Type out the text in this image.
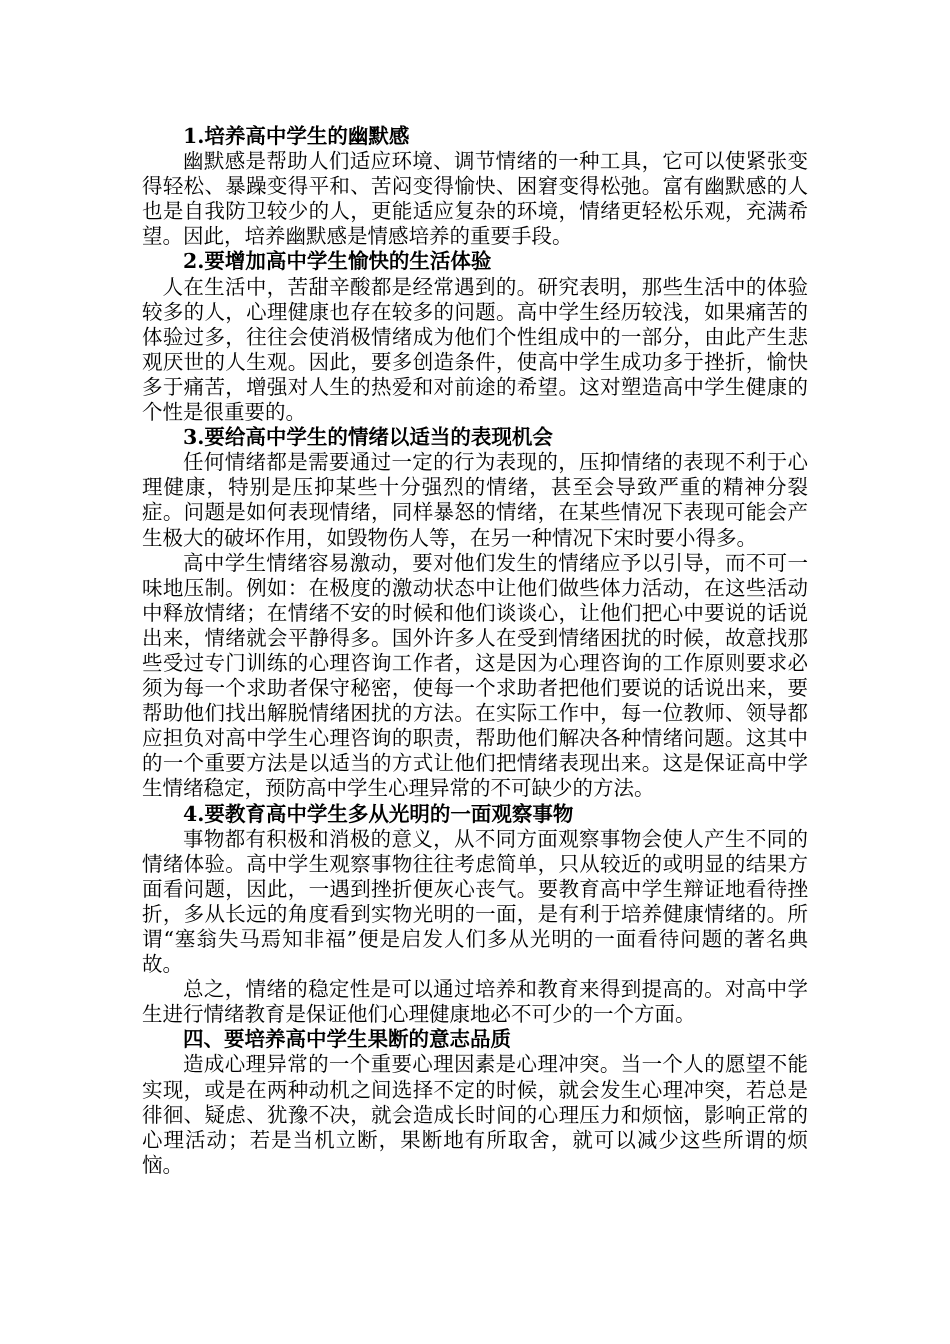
1.培养高中学生的幽默感

幽默感是帮助人们适应环境、调节情绪的一种工具，它可以使紧张变得轻松、暴躁变得平和、苦闷变得愉快、困窘变得松弛。富有幽默感的人也是自我防卫较少的人，更能适应复杂的环境，情绪更轻松乐观，充满希望。因此，培养幽默感是情感培养的重要手段。

2.要增加高中学生愉快的生活体验

人在生活中，苦甜辛酸都是经常遇到的。研究表明，那些生活中的体验较多的人，心理健康也存在较多的问题。高中学生经历较浅，如果痛苦的体验过多，往往会使消极情绪成为他们个性组成中的一部分，由此产生悲观厌世的人生观。因此，要多创造条件，使高中学生成功多于挫折，愉快多于痛苦，增强对人生的热爱和对前途的希望。这对塑造高中学生健康的个性是很重要的。

3.要给高中学生的情绪以适当的表现机会

任何情绪都是需要通过一定的行为表现的，压抑情绪的表现不利于心理健康，特别是压抑某些十分强烈的情绪，甚至会导致严重的精神分裂症。问题是如何表现情绪，同样暴怒的情绪，在某些情况下表现可能会产生极大的破坏作用，如毁物伤人等，在另一种情况下宋时要小得多。

高中学生情绪容易激动，要对他们发生的情绪应予以引导，而不可一味地压制。例如：在极度的激动状态中让他们做些体力活动，在这些活动中释放情绪；在情绪不安的时候和他们谈谈心，让他们把心中要说的话说出来，情绪就会平静得多。国外许多人在受到情绪困扰的时候，故意找那些受过专门训练的心理咨询工作者，这是因为心理咨询的工作原则要求必须为每一个求助者保守秘密，使每一个求助者把他们要说的话说出来，要帮助他们找出解脱情绪困扰的方法。在实际工作中，每一位教师、领导都应担负对高中学生心理咨询的职责，帮助他们解决各种情绪问题。这其中的一个重要方法是以适当的方式让他们把情绪表现出来。这是保证高中学生情绪稳定，预防高中学生心理异常的不可缺少的方法。

4.要教育高中学生多从光明的一面观察事物

事物都有积极和消极的意义，从不同方面观察事物会使人产生不同的情绪体验。高中学生观察事物往往考虑简单，只从较近的或明显的结果方面看问题，因此，一遇到挫折便灰心丧气。要教育高中学生辩证地看待挫折，多从长远的角度看到实物光明的一面，是有利于培养健康情绪的。所谓“塞翁失马焉知非福”便是启发人们多从光明的一面看待问题的著名典故。

总之，情绪的稳定性是可以通过培养和教育来得到提高的。对高中学生进行情绪教育是保证他们心理健康地必不可少的一个方面。

四、要培养高中学生果断的意志品质

造成心理异常的一个重要心理因素是心理冲突。当一个人的愿望不能实现，或是在两种动机之间选择不定的时候，就会发生心理冲突，若总是徘徊、疑虑、犹豫不决，就会造成长时间的心理压力和烦恼，影响正常的心理活动；若是当机立断，果断地有所取舍，就可以减少这些所谓的烦恼。
